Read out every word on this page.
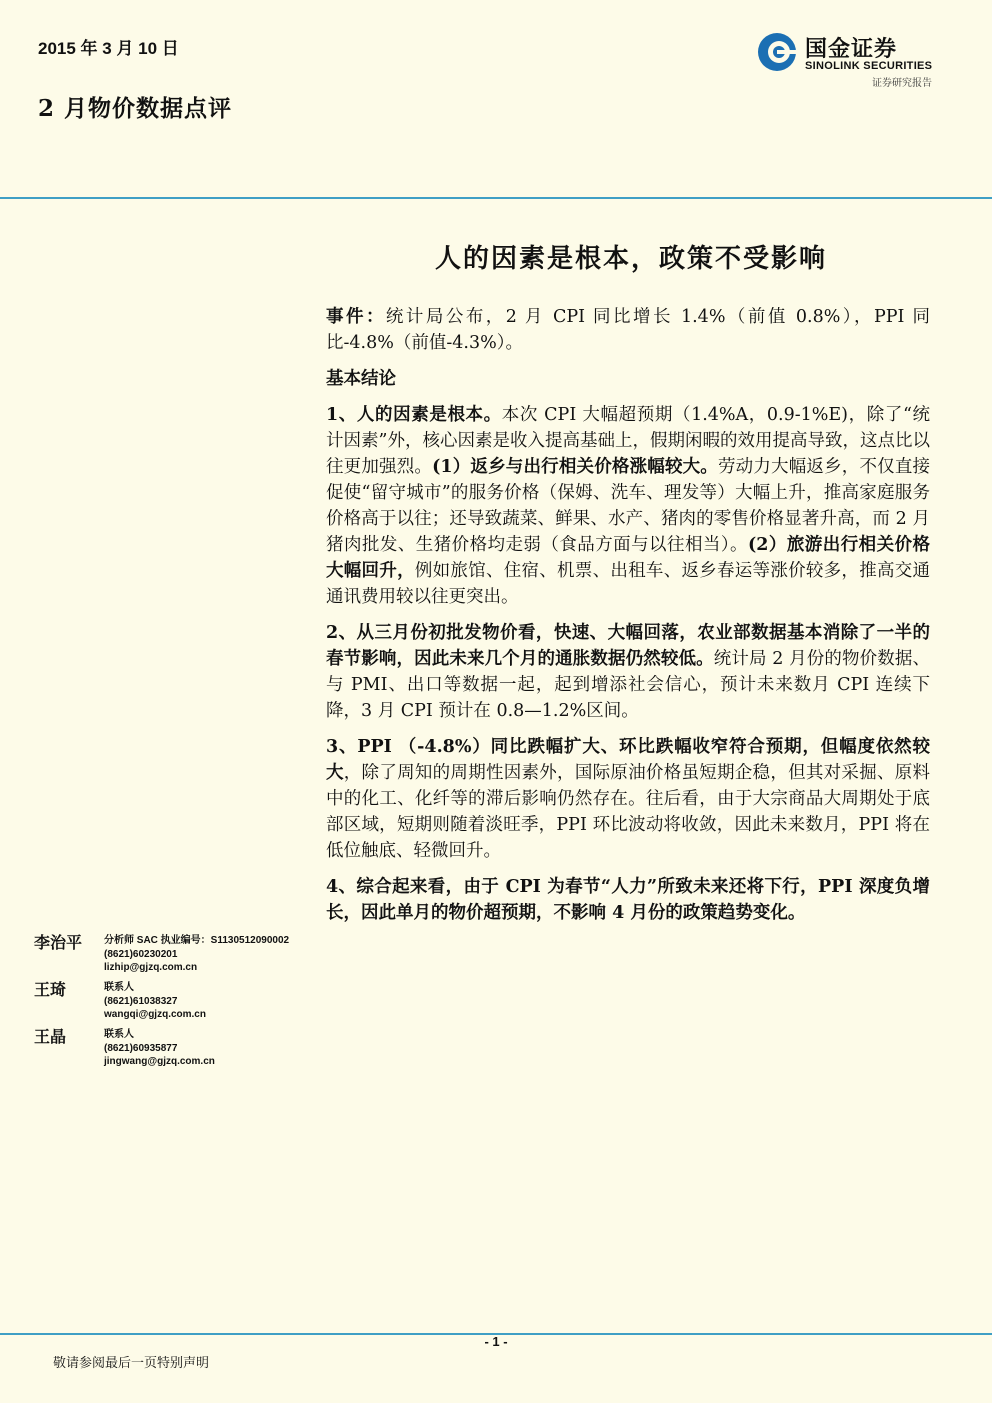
2015 年 3 月 10 日
2 月物价数据点评
国金证券
SINOLINK SECURITIES
证券研究报告
人的因素是根本，政策不受影响

事件：统计局公布，2 月 CPI 同比增长 1.4%（前值 0.8%），PPI 同比-4.8%（前值-4.3%）。

基本结论

1、人的因素是根本。本次 CPI 大幅超预期（1.4%A，0.9-1%E)，除了“统计因素”外，核心因素是收入提高基础上，假期闲暇的效用提高导致，这点比以往更加强烈。(1）返乡与出行相关价格涨幅较大。劳动力大幅返乡，不仅直接促使“留守城市”的服务价格（保姆、洗车、理发等）大幅上升，推高家庭服务价格高于以往；还导致蔬菜、鲜果、水产、猪肉的零售价格显著升高，而 2 月猪肉批发、生猪价格均走弱（食品方面与以往相当）。(2）旅游出行相关价格大幅回升，例如旅馆、住宿、机票、出租车、返乡春运等涨价较多，推高交通通讯费用较以往更突出。

2、从三月份初批发物价看，快速、大幅回落，农业部数据基本消除了一半的春节影响，因此未来几个月的通胀数据仍然较低。统计局 2 月份的物价数据、与 PMI、出口等数据一起，起到增添社会信心，预计未来数月 CPI 连续下降，3 月 CPI 预计在 0.8—1.2%区间。

3、PPI （-4.8%）同比跌幅扩大、环比跌幅收窄符合预期，但幅度依然较大，除了周知的周期性因素外，国际原油价格虽短期企稳，但其对采掘、原料中的化工、化纤等的滞后影响仍然存在。往后看，由于大宗商品大周期处于底部区域，短期则随着淡旺季，PPI 环比波动将收敛，因此未来数月，PPI 将在低位触底、轻微回升。

4、综合起来看，由于 CPI 为春节“人力”所致未来还将下行，PPI 深度负增长，因此单月的物价超预期，不影响 4 月份的政策趋势变化。

李治平 分析师 SAC 执业编号：S1130512090002
(8621)60230201
lizhip@gjzq.com.cn
王琦	联系人
(8621)61038327
wangqi@gjzq.com.cn
王晶	联系人
(8621)60935877
jingwang@gjzq.com.cn
- 1 -
敬请参阅最后一页特别声明
